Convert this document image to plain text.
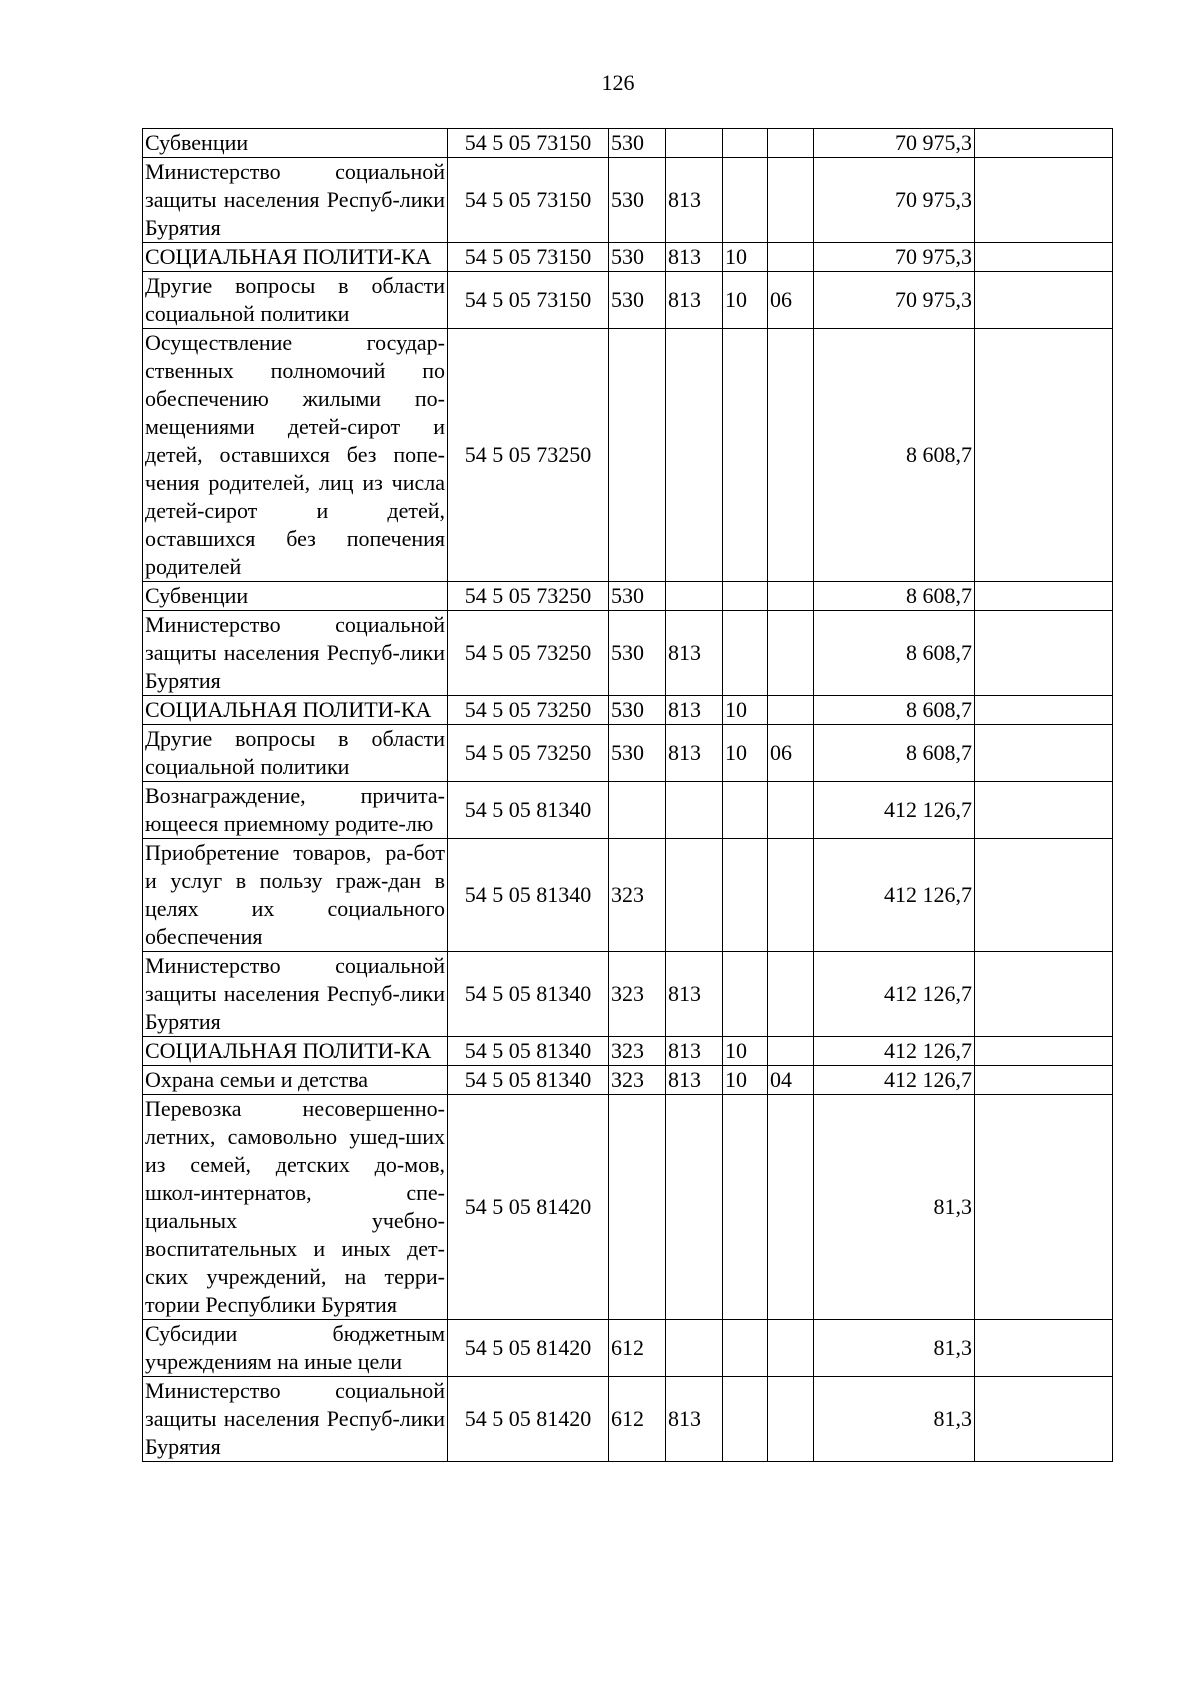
126
Субвенции	54 5 05 73150	530				70 975,3	
Министерство социальной защиты населения Респуб-лики Бурятия	54 5 05 73150	530	813			70 975,3	
СОЦИАЛЬНАЯ ПОЛИТИ-КА	54 5 05 73150	530	813	10		70 975,3	
Другие вопросы в области социальной политики	54 5 05 73150	530	813	10	06	70 975,3	
Осуществление государ-ственных полномочий по обеспечению жилыми по-мещениями детей-сирот и детей, оставшихся без попе-чения родителей, лиц из числа детей-сирот и детей, оставшихся без попечения родителей	54 5 05 73250					8 608,7	
Субвенции	54 5 05 73250	530				8 608,7	
Министерство социальной защиты населения Респуб-лики Бурятия	54 5 05 73250	530	813			8 608,7	
СОЦИАЛЬНАЯ ПОЛИТИ-КА	54 5 05 73250	530	813	10		8 608,7	
Другие вопросы в области социальной политики	54 5 05 73250	530	813	10	06	8 608,7	
Вознаграждение, причита-ющееся приемному родите-лю	54 5 05 81340					412 126,7	
Приобретение товаров, ра-бот и услуг в пользу граж-дан в целях их социального обеспечения	54 5 05 81340	323				412 126,7	
Министерство социальной защиты населения Респуб-лики Бурятия	54 5 05 81340	323	813			412 126,7	
СОЦИАЛЬНАЯ ПОЛИТИ-КА	54 5 05 81340	323	813	10		412 126,7	
Охрана семьи и детства	54 5 05 81340	323	813	10	04	412 126,7	
Перевозка несовершенно-летних, самовольно ушед-ших из семей, детских до-мов, школ-интернатов, спе-циальных учебно-воспитательных и иных дет-ских учреждений, на терри-тории Республики Бурятия	54 5 05 81420					81,3	
Субсидии бюджетным учреждениям на иные цели	54 5 05 81420	612				81,3	
Министерство социальной защиты населения Респуб-лики Бурятия	54 5 05 81420	612	813			81,3	
